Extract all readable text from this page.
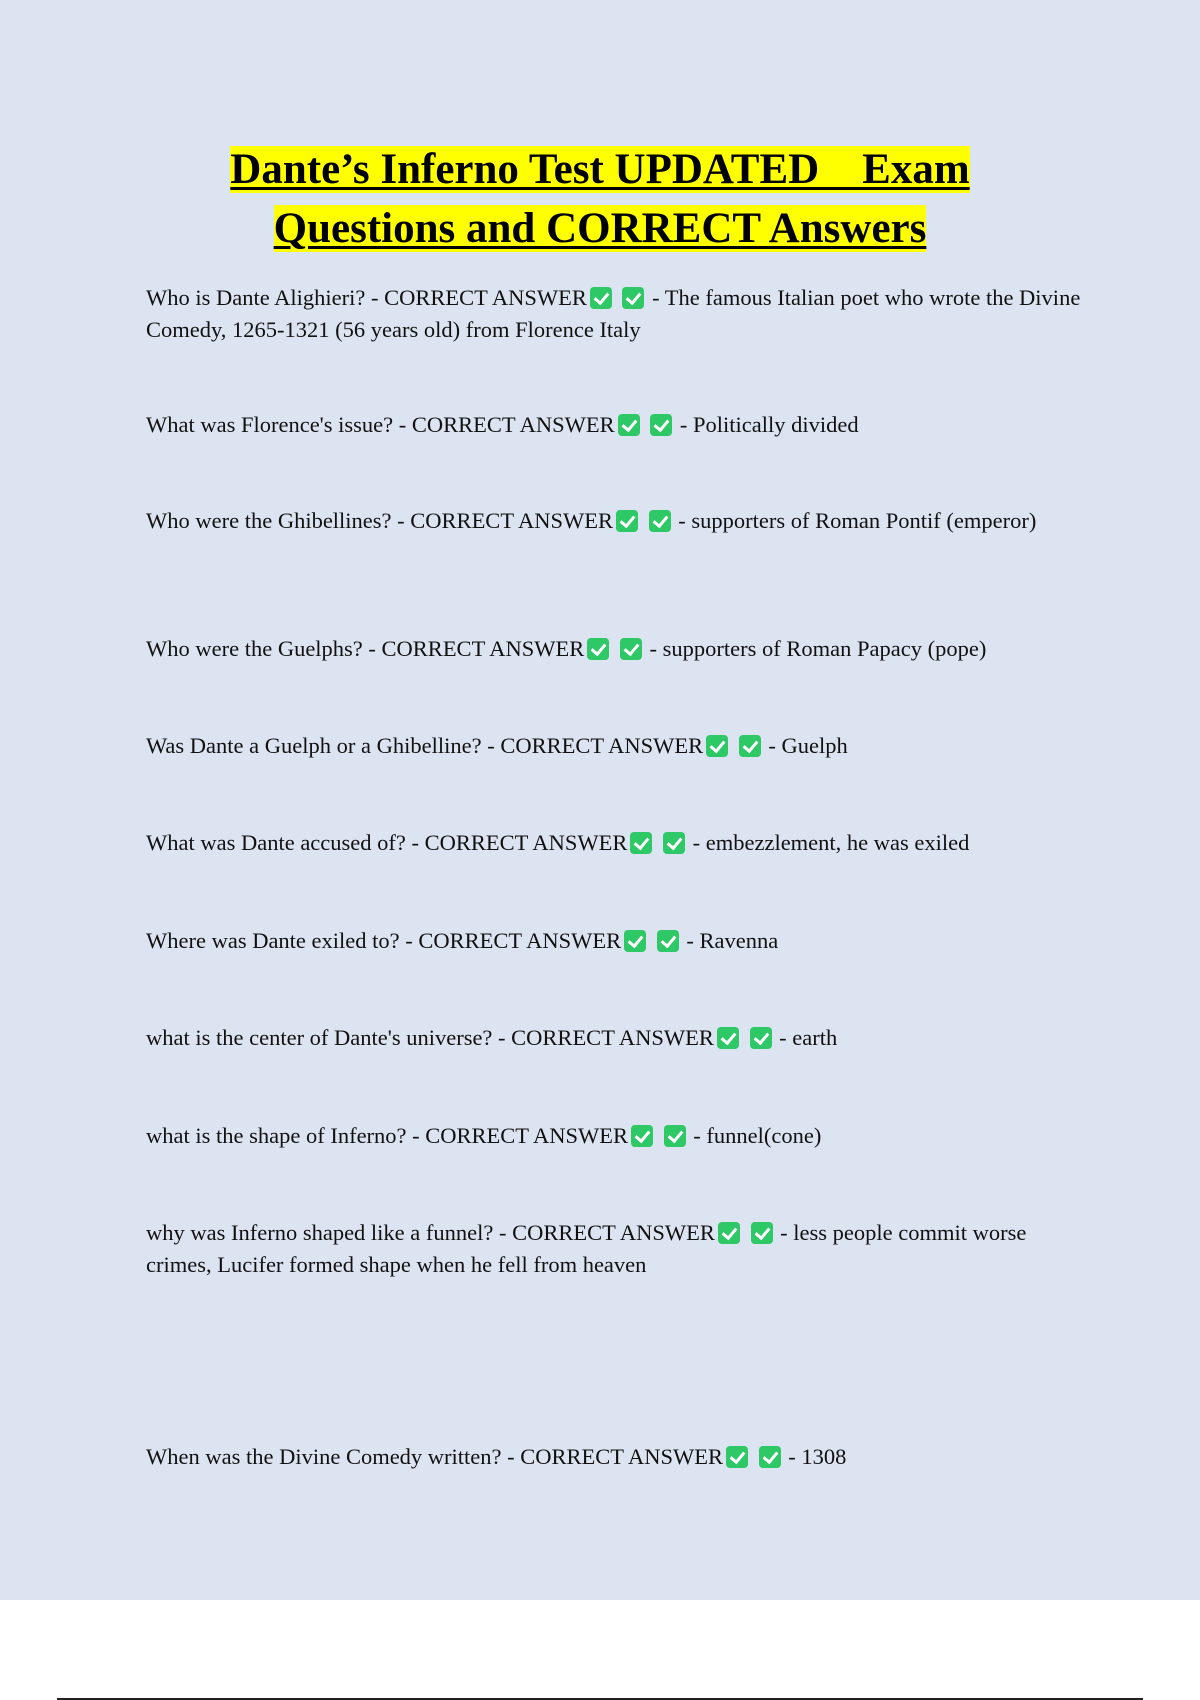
Dante’s Inferno Test UPDATED    Exam
Questions and CORRECT Answers
Who is Dante Alighieri? - CORRECT ANSWER	- The famous Italian poet who wrote the Divine Comedy, 1265-1321 (56 years old) from Florence Italy
What was Florence's issue? - CORRECT ANSWER	- Politically divided
Who were the Ghibellines? - CORRECT ANSWER	- supporters of Roman Pontif (emperor)
Who were the Guelphs? - CORRECT ANSWER	- supporters of Roman Papacy (pope)
Was Dante a Guelph or a Ghibelline? - CORRECT ANSWER	- Guelph
What was Dante accused of? - CORRECT ANSWER	- embezzlement, he was exiled
Where was Dante exiled to? - CORRECT ANSWER	- Ravenna
what is the center of Dante's universe? - CORRECT ANSWER	- earth
what is the shape of Inferno? - CORRECT ANSWER	- funnel(cone)
why was Inferno shaped like a funnel? - CORRECT ANSWER	- less people commit worse crimes, Lucifer formed shape when he fell from heaven
When was the Divine Comedy written? - CORRECT ANSWER	- 1308
